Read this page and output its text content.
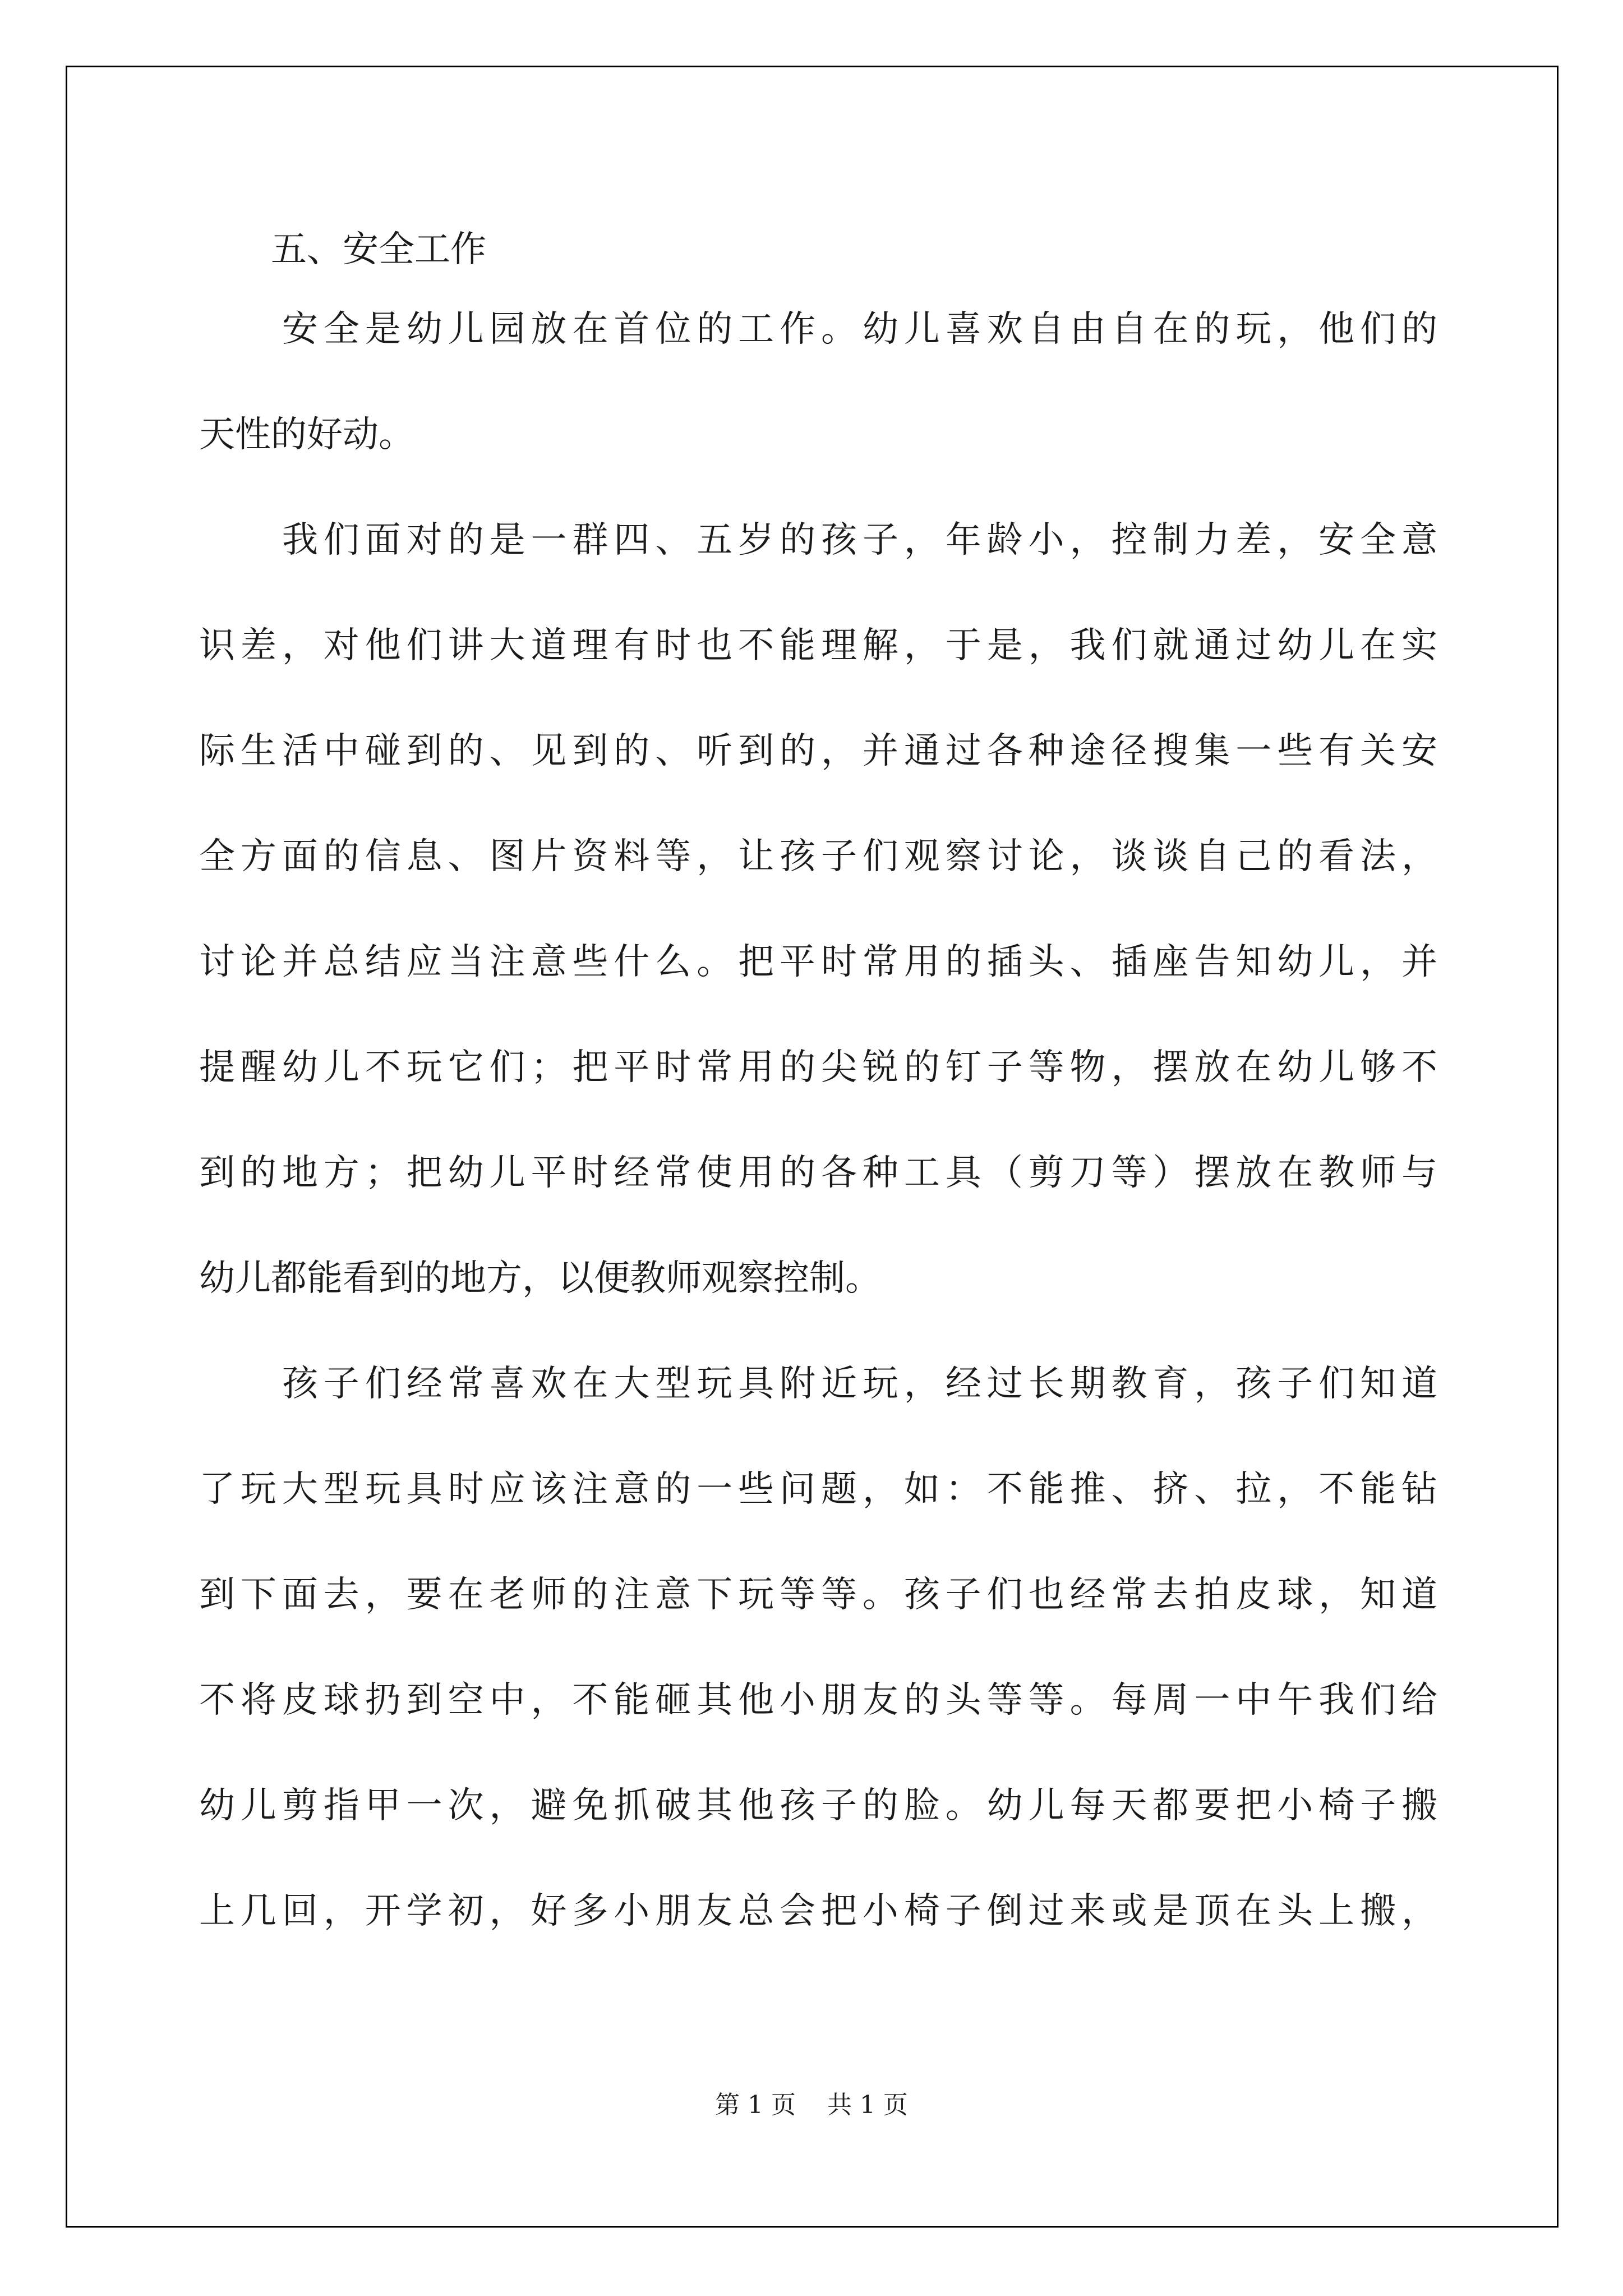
五、安全工作
安全是幼儿园放在首位的工作。幼儿喜欢自由自在的玩，他们的
天性的好动。
我们面对的是一群四、五岁的孩子，年龄小，控制力差，安全意
识差，对他们讲大道理有时也不能理解，于是，我们就通过幼儿在实
际生活中碰到的、见到的、听到的，并通过各种途径搜集一些有关安
全方面的信息、图片资料等，让孩子们观察讨论，谈谈自己的看法，
讨论并总结应当注意些什么。把平时常用的插头、插座告知幼儿，并
提醒幼儿不玩它们；把平时常用的尖锐的钉子等物，摆放在幼儿够不
到的地方；把幼儿平时经常使用的各种工具（剪刀等）摆放在教师与
幼儿都能看到的地方，以便教师观察控制。
孩子们经常喜欢在大型玩具附近玩，经过长期教育，孩子们知道
了玩大型玩具时应该注意的一些问题，如：不能推、挤、拉，不能钻
到下面去，要在老师的注意下玩等等。孩子们也经常去拍皮球，知道
不将皮球扔到空中，不能砸其他小朋友的头等等。每周一中午我们给
幼儿剪指甲一次，避免抓破其他孩子的脸。幼儿每天都要把小椅子搬
上几回，开学初，好多小朋友总会把小椅子倒过来或是顶在头上搬，
第 1 页    共 1 页
